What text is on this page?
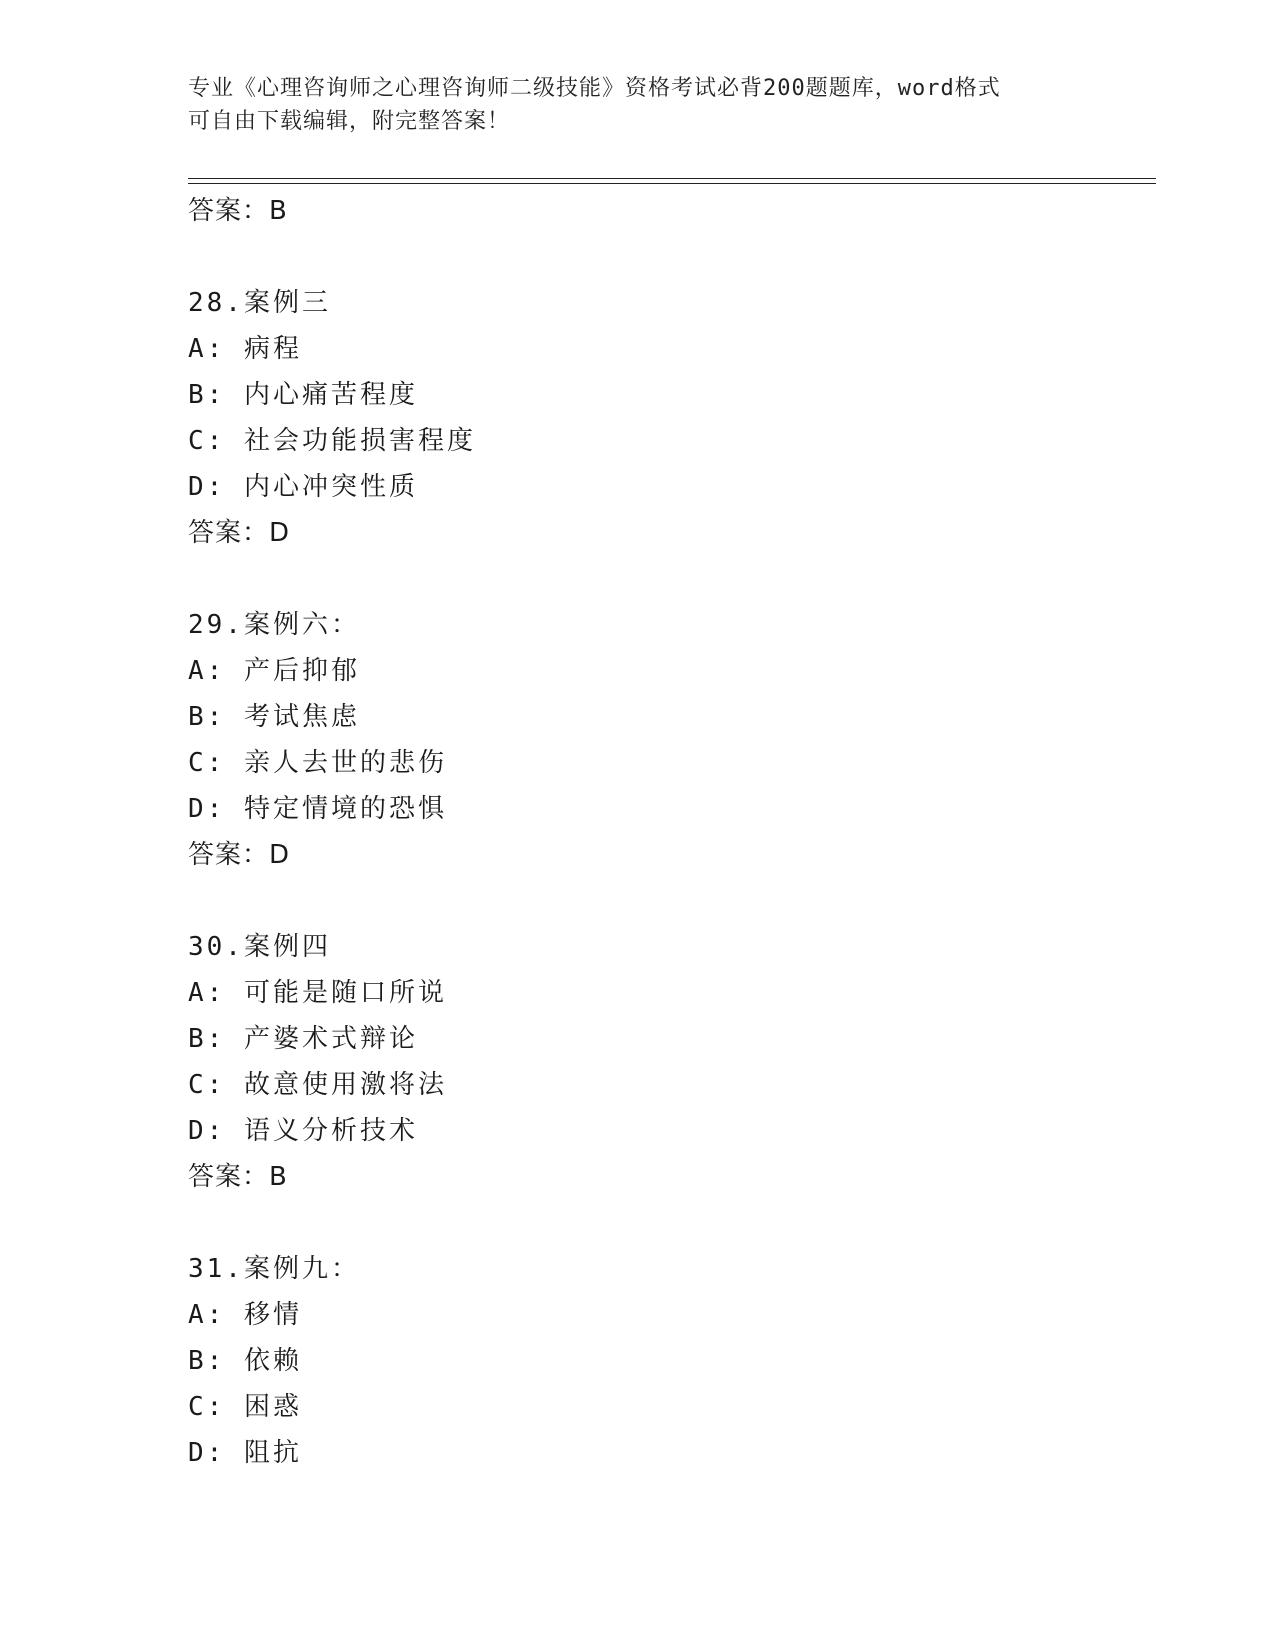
专业《心理咨询师之心理咨询师二级技能》资格考试必背200题题库，word格式
可自由下载编辑，附完整答案！
答案：B
28.案例三
A: 病程
B: 内心痛苦程度
C: 社会功能损害程度
D: 内心冲突性质
答案：D
29.案例六：
A: 产后抑郁
B: 考试焦虑
C: 亲人去世的悲伤
D: 特定情境的恐惧
答案：D
30.案例四
A: 可能是随口所说
B: 产婆术式辩论
C: 故意使用激将法
D: 语义分析技术
答案：B
31.案例九：
A: 移情
B: 依赖
C: 困惑
D: 阻抗
